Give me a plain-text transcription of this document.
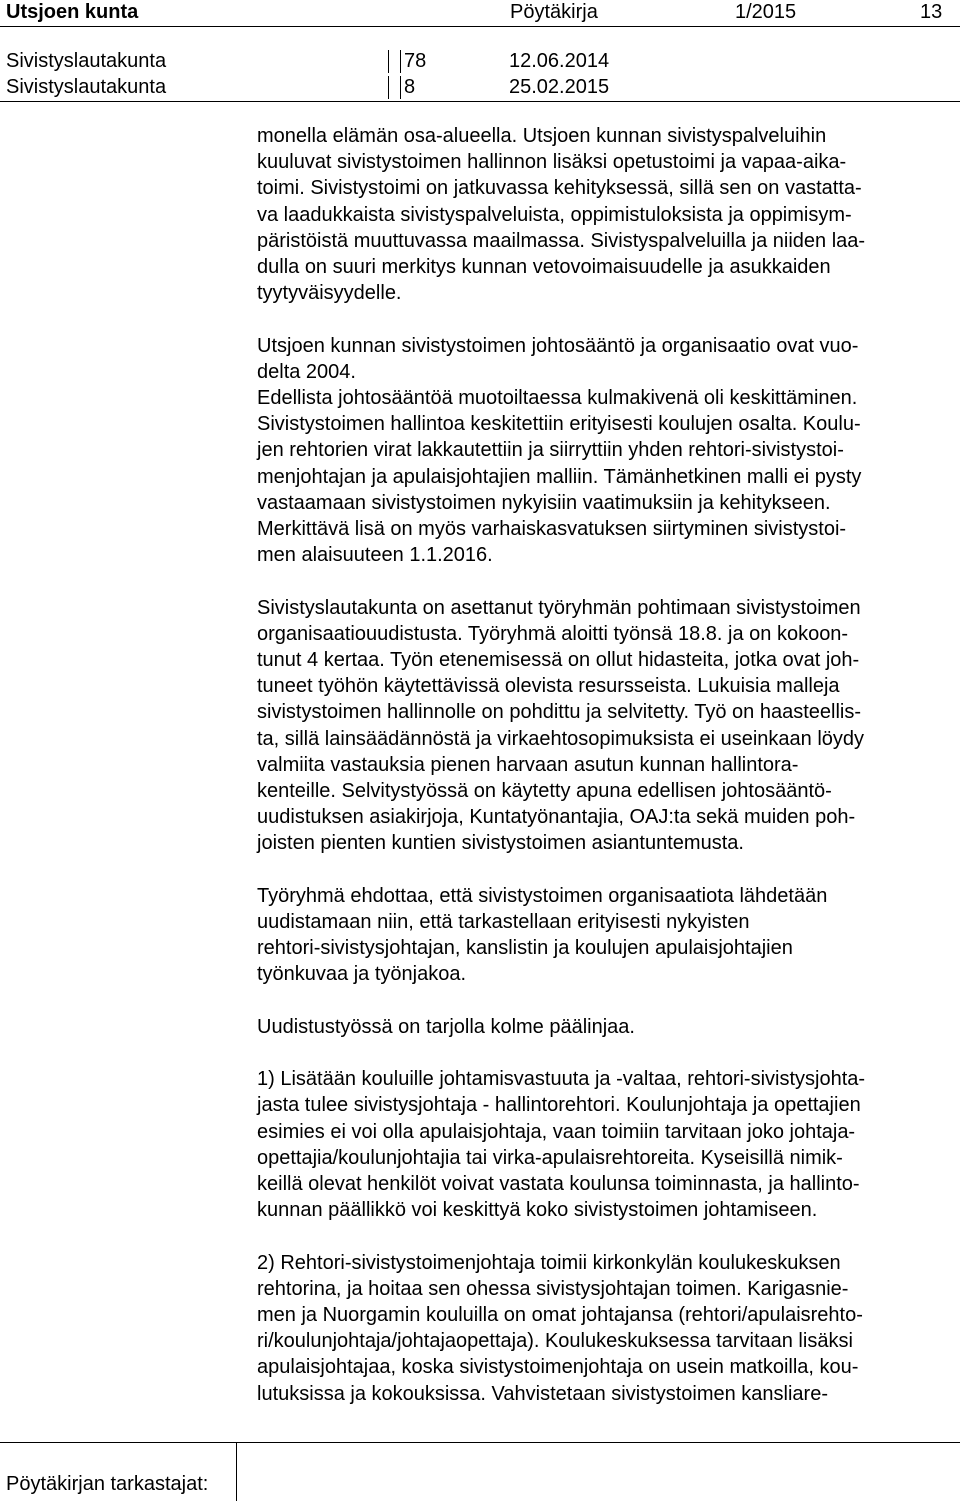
Utsjoen kunta	Pöytäkirja	1/2015	13
Sivistyslautakunta	78	12.06.2014
Sivistyslautakunta	8	25.02.2015

monella elämän osa-alueella. Utsjoen kunnan sivistyspalveluihin
kuuluvat sivistystoimen hallinnon lisäksi opetustoimi ja vapaa-aika-
toimi. Sivistystoimi on jatkuvassa kehityksessä, sillä sen on vastatta-
va laadukkaista sivistyspalveluista, oppimistuloksista ja oppimisym-
päristöistä muuttuvassa maailmassa. Sivistyspalveluilla ja niiden laa-
dulla on suuri merkitys kunnan vetovoimaisuudelle ja asukkaiden
tyytyväisyydelle.

Utsjoen kunnan sivistystoimen johtosääntö ja organisaatio ovat vuo-
delta 2004.
Edellista johtosääntöä muotoiltaessa kulmakivenä oli keskittäminen.
Sivistystoimen hallintoa keskitettiin erityisesti koulujen osalta. Koulu-
jen rehtorien virat lakkautettiin ja siirryttiin yhden rehtori-sivistystoi-
menjohtajan ja apulaisjohtajien malliin. Tämänhetkinen malli ei pysty
vastaamaan sivistystoimen nykyisiin vaatimuksiin ja kehitykseen.
Merkittävä lisä on myös varhaiskasvatuksen siirtyminen sivistystoi-
men alaisuuteen 1.1.2016.

Sivistyslautakunta on asettanut työryhmän pohtimaan sivistystoimen
organisaatiouudistusta. Työryhmä aloitti työnsä 18.8. ja on kokoon-
tunut 4 kertaa. Työn etenemisessä on ollut hidasteita, jotka ovat joh-
tuneet työhön käytettävissä olevista resursseista. Lukuisia malleja
sivistystoimen hallinnolle on pohdittu ja selvitetty. Työ on haasteellis-
ta, sillä lainsäädännöstä ja virkaehtosopimuksista ei useinkaan löydy
valmiita vastauksia pienen harvaan asutun kunnan hallintora-
kenteille. Selvitystyössä on käytetty apuna edellisen johtosääntö-
uudistuksen asiakirjoja, Kuntatyönantajia, OAJ:ta sekä muiden poh-
joisten pienten kuntien sivistystoimen asiantuntemusta.

Työryhmä ehdottaa, että sivistystoimen organisaatiota lähdetään
uudistamaan niin, että tarkastellaan erityisesti nykyisten
rehtori-sivistysjohtajan, kanslistin ja koulujen apulaisjohtajien
työnkuvaa ja työnjakoa.

Uudistustyössä on tarjolla kolme päälinjaa.

1) Lisätään kouluille johtamisvastuuta ja -valtaa, rehtori-sivistysjohta-
jasta tulee sivistysjohtaja - hallintorehtori. Koulunjohtaja ja opettajien
esimies ei voi olla apulaisjohtaja, vaan toimiin tarvitaan joko johtaja-
opettajia/koulunjohtajia tai virka-apulaisrehtoreita. Kyseisillä nimik-
keillä olevat henkilöt voivat vastata koulunsa toiminnasta, ja hallinto-
kunnan päällikkö voi keskittyä koko sivistystoimen johtamiseen.

2) Rehtori-sivistystoimenjohtaja toimii kirkonkylän koulukeskuksen
rehtorina, ja hoitaa sen ohessa sivistysjohtajan toimen. Karigasnie-
men ja Nuorgamin kouluilla on omat johtajansa (rehtori/apulaisrehto-
ri/koulunjohtaja/johtajaopettaja). Koulukeskuksessa tarvitaan lisäksi
apulaisjohtajaa, koska sivistystoimenjohtaja on usein matkoilla, kou-
lutuksissa ja kokouksissa. Vahvistetaan sivistystoimen kansliare-

Pöytäkirjan tarkastajat:
